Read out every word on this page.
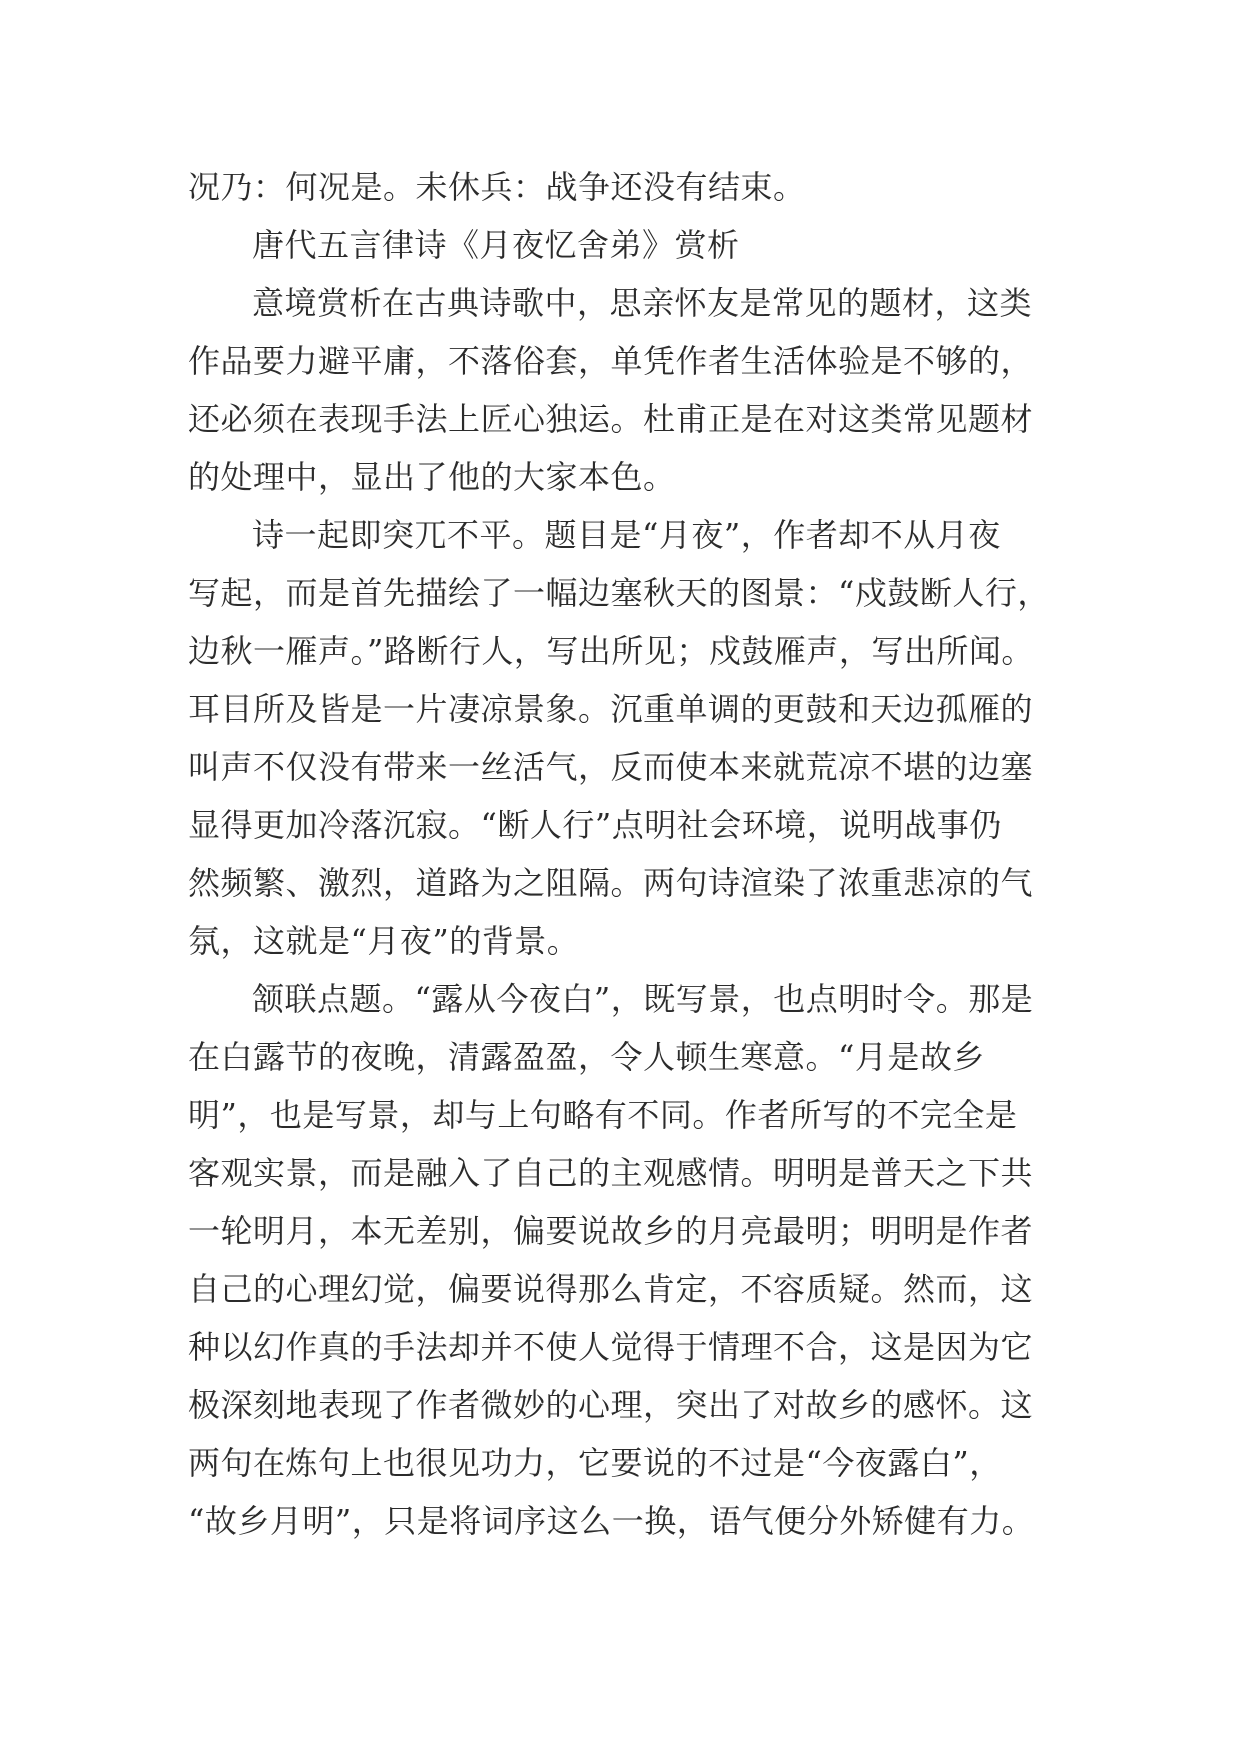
况乃：何况是。未休兵：战争还没有结束。
唐代五言律诗《月夜忆舍弟》赏析
意境赏析在古典诗歌中，思亲怀友是常见的题材，这类
作品要力避平庸，不落俗套，单凭作者生活体验是不够的，
还必须在表现手法上匠心独运。杜甫正是在对这类常见题材
的处理中，显出了他的大家本色。
诗一起即突兀不平。题目是“月夜”，作者却不从月夜
写起，而是首先描绘了一幅边塞秋天的图景：“戍鼓断人行，
边秋一雁声。”路断行人，写出所见；戍鼓雁声，写出所闻。
耳目所及皆是一片凄凉景象。沉重单调的更鼓和天边孤雁的
叫声不仅没有带来一丝活气，反而使本来就荒凉不堪的边塞
显得更加冷落沉寂。“断人行”点明社会环境，说明战事仍
然频繁、激烈，道路为之阻隔。两句诗渲染了浓重悲凉的气
氛，这就是“月夜”的背景。
颔联点题。“露从今夜白”，既写景，也点明时令。那是
在白露节的夜晚，清露盈盈，令人顿生寒意。“月是故乡
明”，也是写景，却与上句略有不同。作者所写的不完全是
客观实景，而是融入了自己的主观感情。明明是普天之下共
一轮明月，本无差别，偏要说故乡的月亮最明；明明是作者
自己的心理幻觉，偏要说得那么肯定，不容质疑。然而，这
种以幻作真的手法却并不使人觉得于情理不合，这是因为它
极深刻地表现了作者微妙的心理，突出了对故乡的感怀。这
两句在炼句上也很见功力，它要说的不过是“今夜露白”，
“故乡月明”，只是将词序这么一换，语气便分外矫健有力。
